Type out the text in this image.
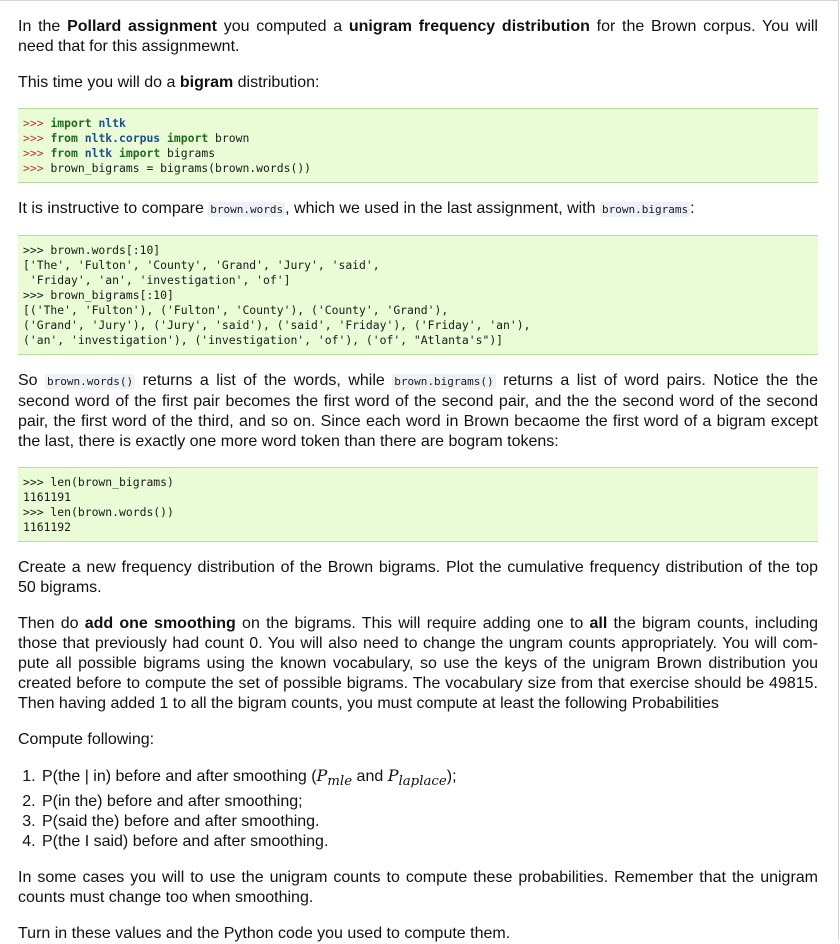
In the Pollard assignment you computed a unigram frequency distribution for the Brown corpus. You will need that for this assignmewnt.

This time you will do a bigram distribution:

>>> import nltk
>>> from nltk.corpus import brown
>>> from nltk import bigrams
>>> brown_bigrams = bigrams(brown.words())

It is instructive to compare brown.words , which we used in the last assignment, with brown.bigrams :

>>> brown.words[:10]
['The', 'Fulton', 'County', 'Grand', 'Jury', 'said',
'Friday', 'an', 'investigation', 'of']
>>> brown_bigrams[:10]
[('The', 'Fulton'), ('Fulton', 'County'), ('County', 'Grand'),
('Grand', 'Jury'), ('Jury', 'said'), ('said', 'Friday'), ('Friday', 'an'),
('an', 'investigation'), ('investigation', 'of'), ('of', "Atlanta's")]

So brown.words() returns a list of the words, while brown.bigrams() returns a list of word pairs. Notice the the second word of the first pair becomes the first word of the second pair, and the the second word of the second pair, the first word of the third, and so on. Since each word in Brown becaome the first word of a bigram except the last, there is exactly one more word token than there are bogram tokens:

>>> len(brown_bigrams)
1161191
>>> len(brown.words())
1161192

Create a new frequency distribution of the Brown bigrams. Plot the cumulative frequency distribution of the top 50 bigrams.

Then do add one smoothing on the bigrams. This will require adding one to all the bigram counts, including those that previously had count 0. You will also need to change the ungram counts appropriately. You will com- pute all possible bigrams using the known vocabulary, so use the keys of the unigram Brown distribution you created before to compute the set of possible bigrams. The vocabulary size from that exercise should be 49815. Then having added 1 to all the bigram counts, you must compute at least the following Probabilities

Compute following:

1. P(the | in) before and after smoothing ($P_{mle}$ and $P_{laplace}$);
2. P(in the) before and after smoothing;
3. P(said the) before and after smoothing.
4. P(the I said) before and after smoothing.

In some cases you will to use the unigram counts to compute these probabilities. Remember that the unigram counts must change too when smoothing.

Turn in these values and the Python code you used to compute them.
